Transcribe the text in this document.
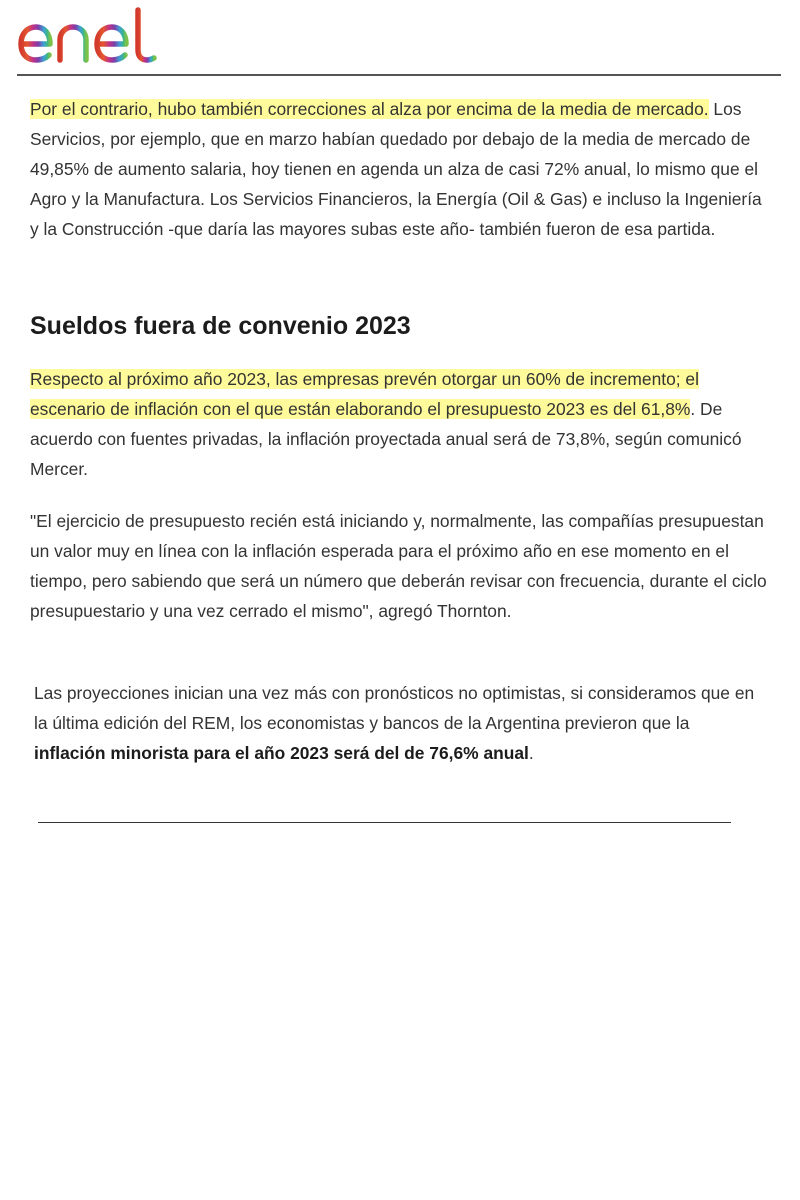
Por el contrario, hubo también correcciones al alza por encima de la media de mercado. Los Servicios, por ejemplo, que en marzo habían quedado por debajo de la media de mercado de 49,85% de aumento salaria, hoy tienen en agenda un alza de casi 72% anual, lo mismo que el Agro y la Manufactura. Los Servicios Financieros, la Energía (Oil & Gas) e incluso la Ingeniería y la Construcción -que daría las mayores subas este año- también fueron de esa partida.

Sueldos fuera de convenio 2023

Respecto al próximo año 2023, las empresas prevén otorgar un 60% de incremento; el escenario de inflación con el que están elaborando el presupuesto 2023 es del 61,8%. De acuerdo con fuentes privadas, la inflación proyectada anual será de 73,8%, según comunicó Mercer.

"El ejercicio de presupuesto recién está iniciando y, normalmente, las compañías presupuestan un valor muy en línea con la inflación esperada para el próximo año en ese momento en el tiempo, pero sabiendo que será un número que deberán revisar con frecuencia, durante el ciclo presupuestario y una vez cerrado el mismo", agregó Thornton.

Las proyecciones inician una vez más con pronósticos no optimistas, si consideramos que en la última edición del REM, los economistas y bancos de la Argentina previeron que la inflación minorista para el año 2023 será del de 76,6% anual.
